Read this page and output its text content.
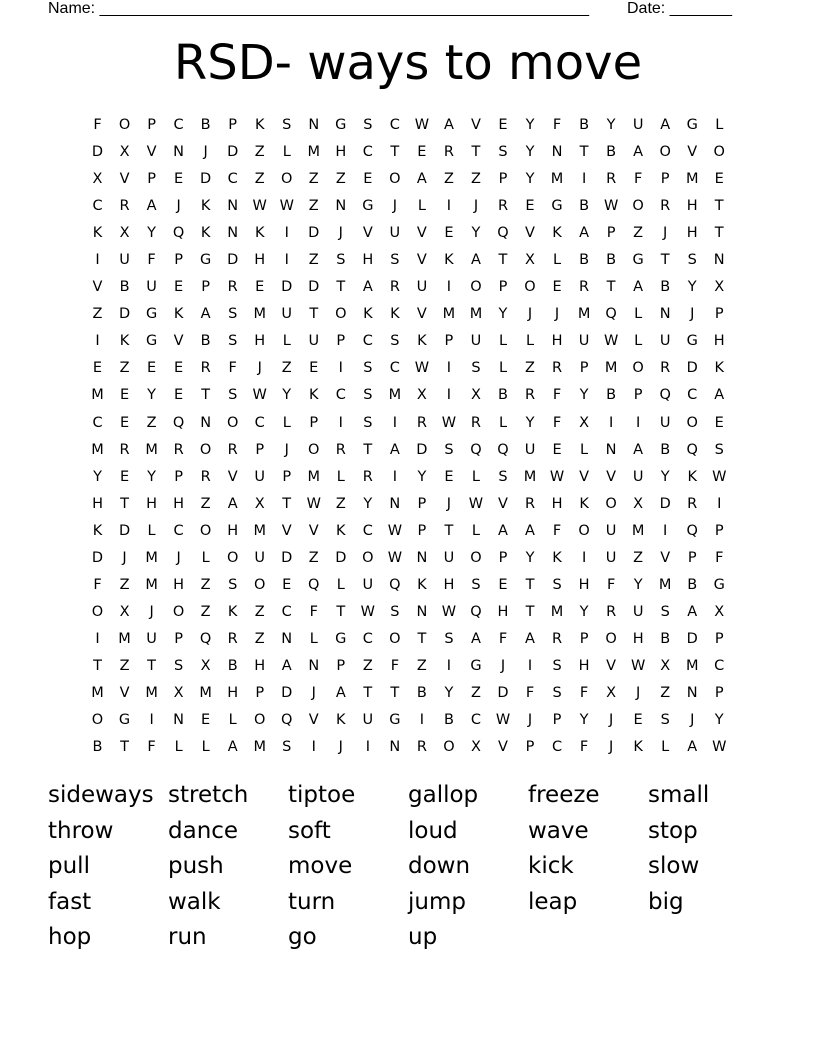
Name: _______________________________________________________ Date: _______
RSD- ways to move
F	O	P	C	B	P	K	S	N	G	S	C	W	A	V	E	Y	F	B	Y	U	A	G	L
D	X	V	N	J	D	Z	L	M	H	C	T	E	R	T	S	Y	N	T	B	A	O	V	O
X	V	P	E	D	C	Z	O	Z	Z	E	O	A	Z	Z	P	Y	M	I	R	F	P	M	E
C	R	A	J	K	N W W	Z	N	G	J	L	I	J	R	E	G	B	W O	R	H	T
K	X	Y	Q	K	N	K	I	D	J	V	U	V	E	Y	Q	V	K	A	P	Z	J	H	T
I	U	F	P	G	D	H	I	Z	S	H	S	V	K	A	T	X	L	B	B	G	T	S	N
V	B	U	E	P	R	E	D	D	T	A	R	U	I	O	P	O	E	R	T	A	B	Y	X
Z	D	G	K	A	S	M	U	T	O	K	K	V	M	M	Y	J	J	M	Q	L	N	J	P
I	K	G	V	B	S	H	L	U	P	C	S	K	P	U	L	L	H	U	W	L	U	G	H
E	Z	E	E	R	F	J	Z	E	I	S	C	W	I	S	L	Z	R	P	M	O	R	D	K
M	E	Y	E	T	S	W	Y	K	C	S	M	X	I	X	B	R	F	Y	B	P	Q	C	A
C	E	Z	Q	N	O	C	L	P	I	S	I	R	W	R	L	Y	F	X	I	I	U	O	E
M	R	M	R	O	R	P	J	O	R	T	A	D	S	Q	Q	U	E	L	N	A	B	Q	S
Y	E	Y	P	R	V	U	P	M	L	R	I	Y	E	L	S	M W	V	V	U	Y	K	W
H	T	H	H	Z	A	X	T	W	Z	Y	N	P	J	W	V	R	H	K	O	X	D	R	I
K	D	L	C	O	H	M	V	V	K	C	W	P	T	L	A	A	F	O	U	M	I	Q	P
D	J	M	J	L	O	U	D	Z	D	O W N	U	O	P	Y	K	I	U	Z	V	P	F
F	Z	M	H	Z	S	O	E	Q	L	U	Q	K	H	S	E	T	S	H	F	Y	M	B	G
O	X	J	O	Z	K	Z	C	F	T	W	S	N W Q	H	T	M	Y	R	U	S	A	X
I	M	U	P	Q	R	Z	N	L	G	C	O	T	S	A	F	A	R	P	O	H	B	D	P
T	Z	T	S	X	B	H	A	N	P	Z	F	Z	I	G	J	I	S	H	V	W	X	M	C
M	V	M	X	M	H	P	D	J	A	T	T	B	Y	Z	D	F	S	F	X	J	Z	N	P
O	G	I	N	E	L	O	Q	V	K	U	G	I	B	C	W	J	P	Y	J	E	S	J	Y
B	T	F	L	L	A	M	S	I	J	I	N	R	O	X	V	P	C	F	J	K	L	A	W
sideways stretch	tiptoe	gallop	freeze	small
throw	dance	soft	loud	wave	stop
pull	push	move	down	kick	slow
fast	walk	turn	jump	leap	big
hop	run	go	up
